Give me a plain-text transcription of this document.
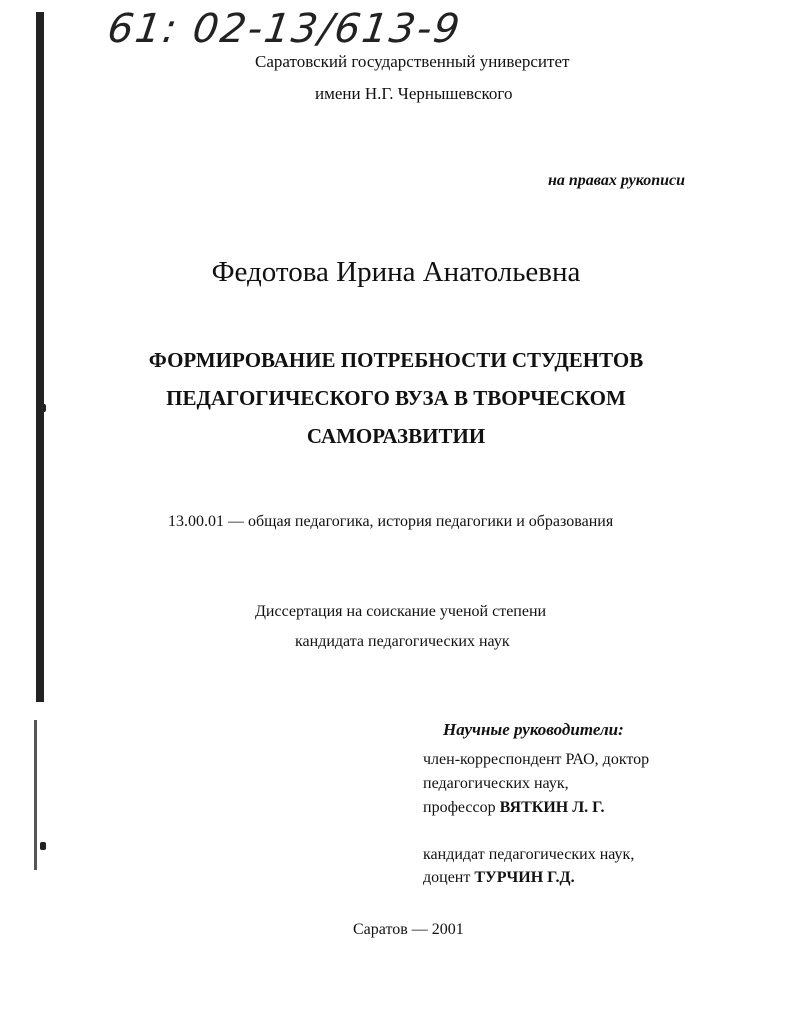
61: 02-13/613-9
Саратовский государственный университет
имени Н.Г. Чернышевского
на правах рукописи
Федотова Ирина Анатольевна
ФОРМИРОВАНИЕ ПОТРЕБНОСТИ СТУДЕНТОВ
ПЕДАГОГИЧЕСКОГО ВУЗА В ТВОРЧЕСКОМ
САМОРАЗВИТИИ
13.00.01 — общая педагогика, история педагогики и образования
Диссертация на соискание ученой степени
кандидата педагогических наук
Научные руководители:
член-корреспондент РАО, доктор
педагогических наук,
профессор ВЯТКИН Л. Г.
кандидат педагогических наук,
доцент ТУРЧИН Г.Д.
Саратов — 2001
